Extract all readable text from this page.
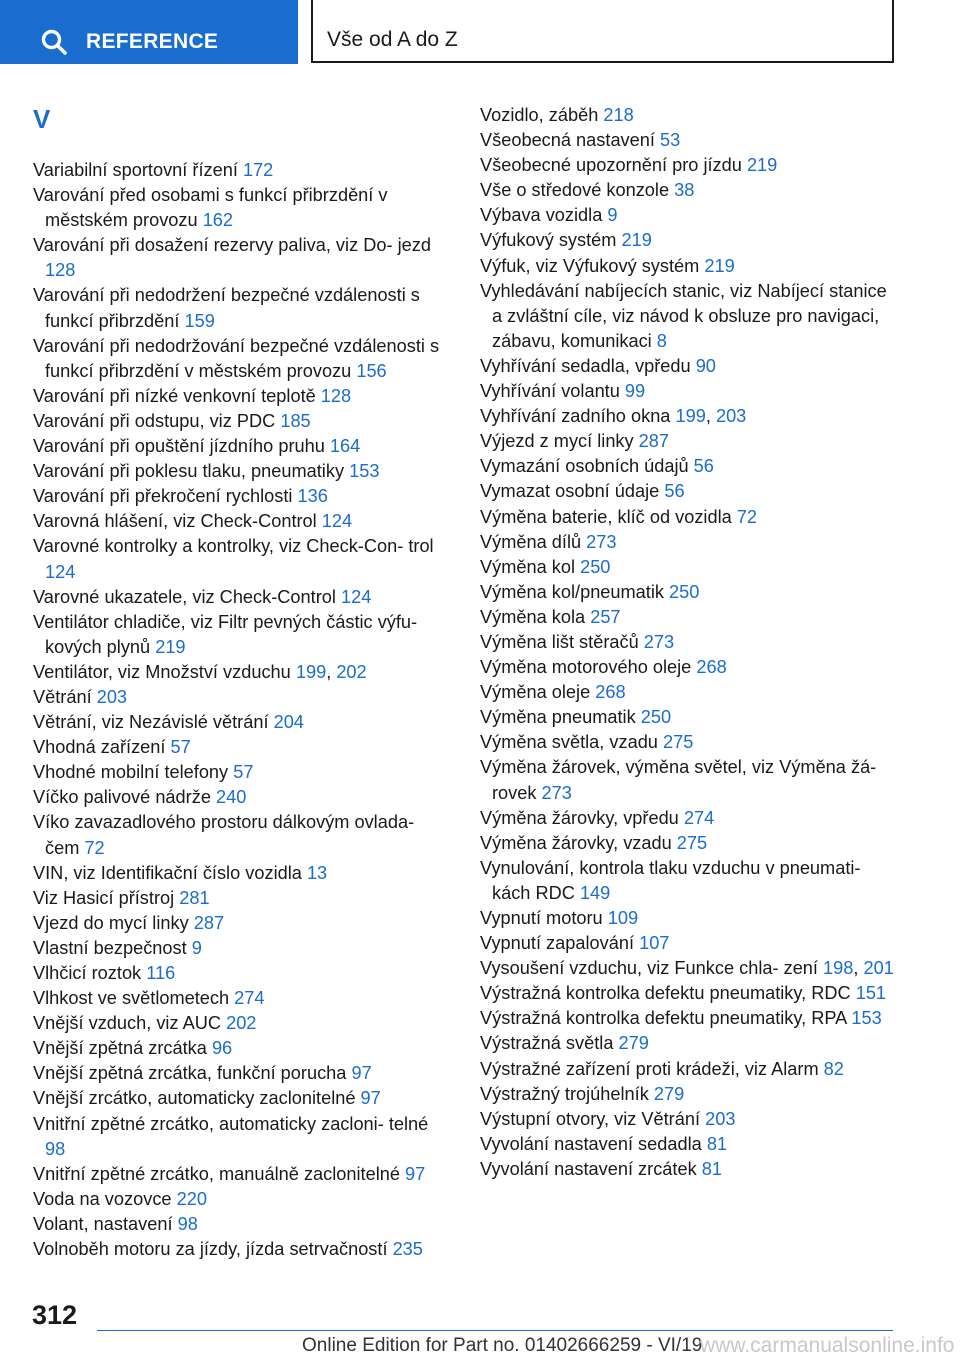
REFERENCE	Vše od A do Z
V
Variabilní sportovní řízení 172
Varování před osobami s funkcí přibrzdění v městském provozu 162
Varování při dosažení rezervy paliva, viz Do- jezd 128
Varování při nedodržení bezpečné vzdálenosti s funkcí přibrzdění 159
Varování při nedodržování bezpečné vzdálenosti s funkcí přibrzdění v městském provozu 156
Varování při nízké venkovní teplotě 128
Varování při odstupu, viz PDC 185
Varování při opuštění jízdního pruhu 164
Varování při poklesu tlaku, pneumatiky 153
Varování při překročení rychlosti 136
Varovná hlášení, viz Check-Control 124
Varovné kontrolky a kontrolky, viz Check-Con- trol 124
Varovné ukazatele, viz Check-Control 124
Ventilátor chladiče, viz Filtr pevných částic výfu- kových plynů 219
Ventilátor, viz Množství vzduchu 199, 202
Větrání 203
Větrání, viz Nezávislé větrání 204
Vhodná zařízení 57
Vhodné mobilní telefony 57
Víčko palivové nádrže 240
Víko zavazadlového prostoru dálkovým ovlada- čem 72
VIN, viz Identifikační číslo vozidla 13
Viz Hasicí přístroj 281
Vjezd do mycí linky 287
Vlastní bezpečnost 9
Vlhčicí roztok 116
Vlhkost ve světlometech 274
Vnější vzduch, viz AUC 202
Vnější zpětná zrcátka 96
Vnější zpětná zrcátka, funkční porucha 97
Vnější zrcátko, automaticky zaclonitelné 97
Vnitřní zpětné zrcátko, automaticky zacloni- telné 98
Vnitřní zpětné zrcátko, manuálně zaclonitelné 97
Voda na vozovce 220
Volant, nastavení 98
Volnoběh motoru za jízdy, jízda setrvačností 235
Vozidlo, záběh 218
Všeobecná nastavení 53
Všeobecné upozornění pro jízdu 219
Vše o středové konzole 38
Výbava vozidla 9
Výfukový systém 219
Výfuk, viz Výfukový systém 219
Vyhledávání nabíjecích stanic, viz Nabíjecí stanice a zvláštní cíle, viz návod k obsluze pro navigaci, zábavu, komunikaci 8
Vyhřívání sedadla, vpředu 90
Vyhřívání volantu 99
Vyhřívání zadního okna 199, 203
Výjezd z mycí linky 287
Vymazání osobních údajů 56
Vymazat osobní údaje 56
Výměna baterie, klíč od vozidla 72
Výměna dílů 273
Výměna kol 250
Výměna kol/pneumatik 250
Výměna kola 257
Výměna lišt stěračů 273
Výměna motorového oleje 268
Výměna oleje 268
Výměna pneumatik 250
Výměna světla, vzadu 275
Výměna žárovek, výměna světel, viz Výměna žá- rovek 273
Výměna žárovky, vpředu 274
Výměna žárovky, vzadu 275
Vynulování, kontrola tlaku vzduchu v pneumati- kách RDC 149
Vypnutí motoru 109
Vypnutí zapalování 107
Vysoušení vzduchu, viz Funkce chla- zení 198, 201
Výstražná kontrolka defektu pneumatiky, RDC 151
Výstražná kontrolka defektu pneumatiky, RPA 153
Výstražná světla 279
Výstražné zařízení proti krádeži, viz Alarm 82
Výstražný trojúhelník 279
Výstupní otvory, viz Větrání 203
Vyvolání nastavení sedadla 81
Vyvolání nastavení zrcátek 81
312
Online Edition for Part no. 01402666259 - VI/19
www.carmanualsonline.info
